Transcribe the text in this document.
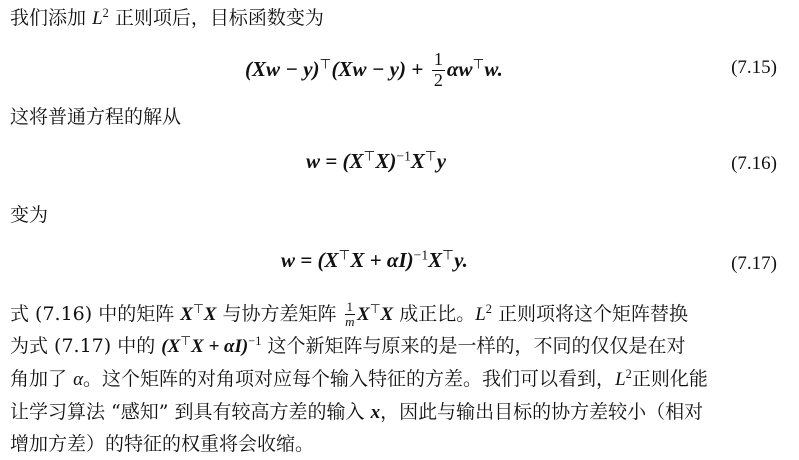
我们添加 $L^2$ 正则项后，目标函数变为
$(Xw - y)^⊤(Xw - y) + \frac{1}{2} \alpha w^⊤w$.	(7.15)
这将普通方程的解从
$w = (X^⊤X)^{-1}X^⊤y$	(7.16)
变为
$w = (X^⊤X + \alpha I)^{-1}X^⊤y$.	(7.17)
式 (7.16) 中的矩阵 X⊤X 与协方差矩阵 $\frac{1}{m} X^⊤X$ 成正比。$L^2$ 正则项将这个矩阵替换
为式 (7.17) 中的 $(X^⊤X + \alpha I)^{-1}$ 这个新矩阵与原来的是一样的，不同的仅仅是在对
角加了 α。这个矩阵的对角项对应每个输入特征的方差。我们可以看到，$L^2$正则化能
让学习算法 “感知” 到具有较高方差的输入 x，因此与输出目标的协方差较小（相对
增加方差）的特征的权重将会收缩。
